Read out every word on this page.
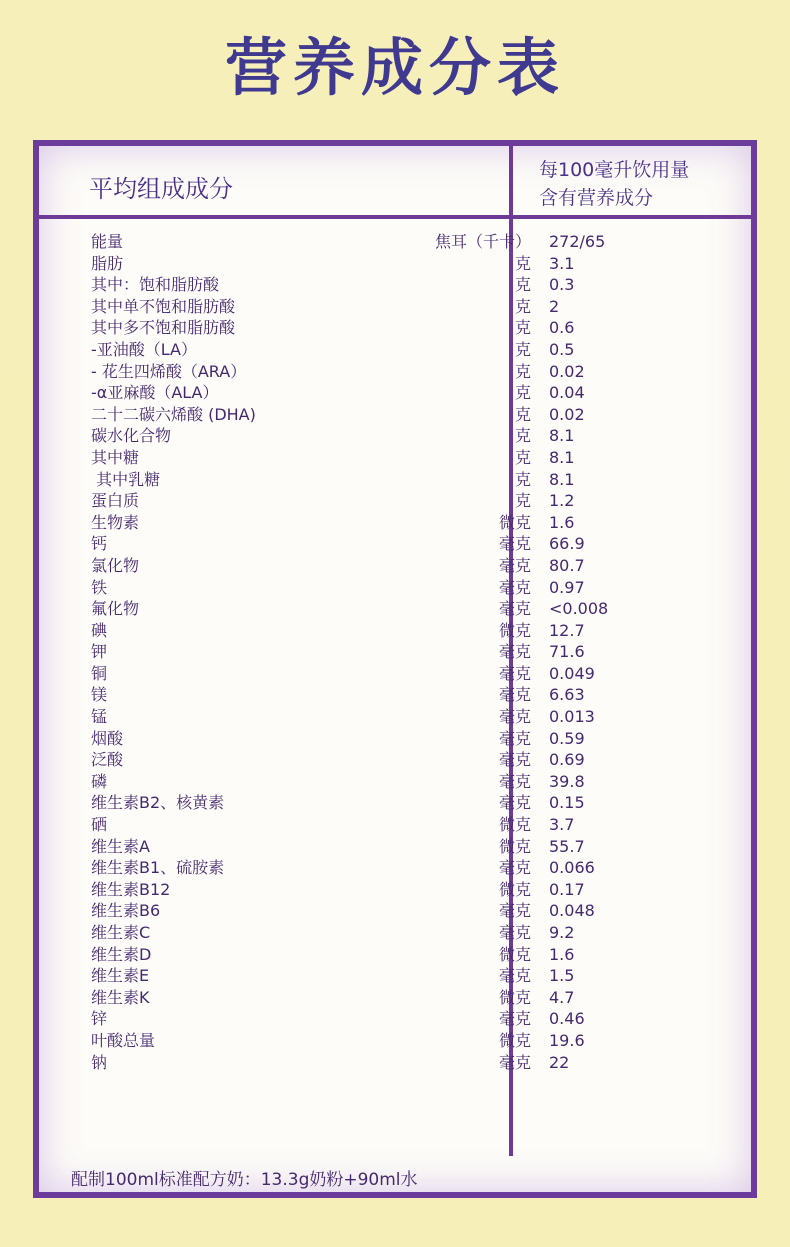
营养成分表
平均组成成分
每100毫升饮用量
含有营养成分
能量	焦耳（千卡） 272/65
脂肪	克 3.1
其中：饱和脂肪酸	克 0.3
其中单不饱和脂肪酸	克 2
其中多不饱和脂肪酸	克 0.6
-亚油酸（LA）	克 0.5
- 花生四烯酸（ARA）	克 0.02
-α亚麻酸（ALA）	克 0.04
二十二碳六烯酸 (DHA)	克 0.02
碳水化合物	克 8.1
其中糖	克 8.1
其中乳糖	克 8.1
蛋白质	克 1.2
生物素	微克 1.6
钙	毫克 66.9
氯化物	毫克 80.7
铁	毫克 0.97
氟化物	毫克 <0.008
碘	微克 12.7
钾	毫克 71.6
铜	毫克 0.049
镁	毫克 6.63
锰	毫克 0.013
烟酸	毫克 0.59
泛酸	毫克 0.69
磷	毫克 39.8
维生素B2、核黄素	毫克 0.15
硒	微克 3.7
维生素A	微克 55.7
维生素B1、硫胺素	毫克 0.066
维生素B12	微克 0.17
维生素B6	毫克 0.048
维生素C	毫克 9.2
维生素D	微克 1.6
维生素E	毫克 1.5
维生素K	微克 4.7
锌	毫克 0.46
叶酸总量	微克 19.6
钠	毫克 22
配制100ml标准配方奶：13.3g奶粉+90ml水
